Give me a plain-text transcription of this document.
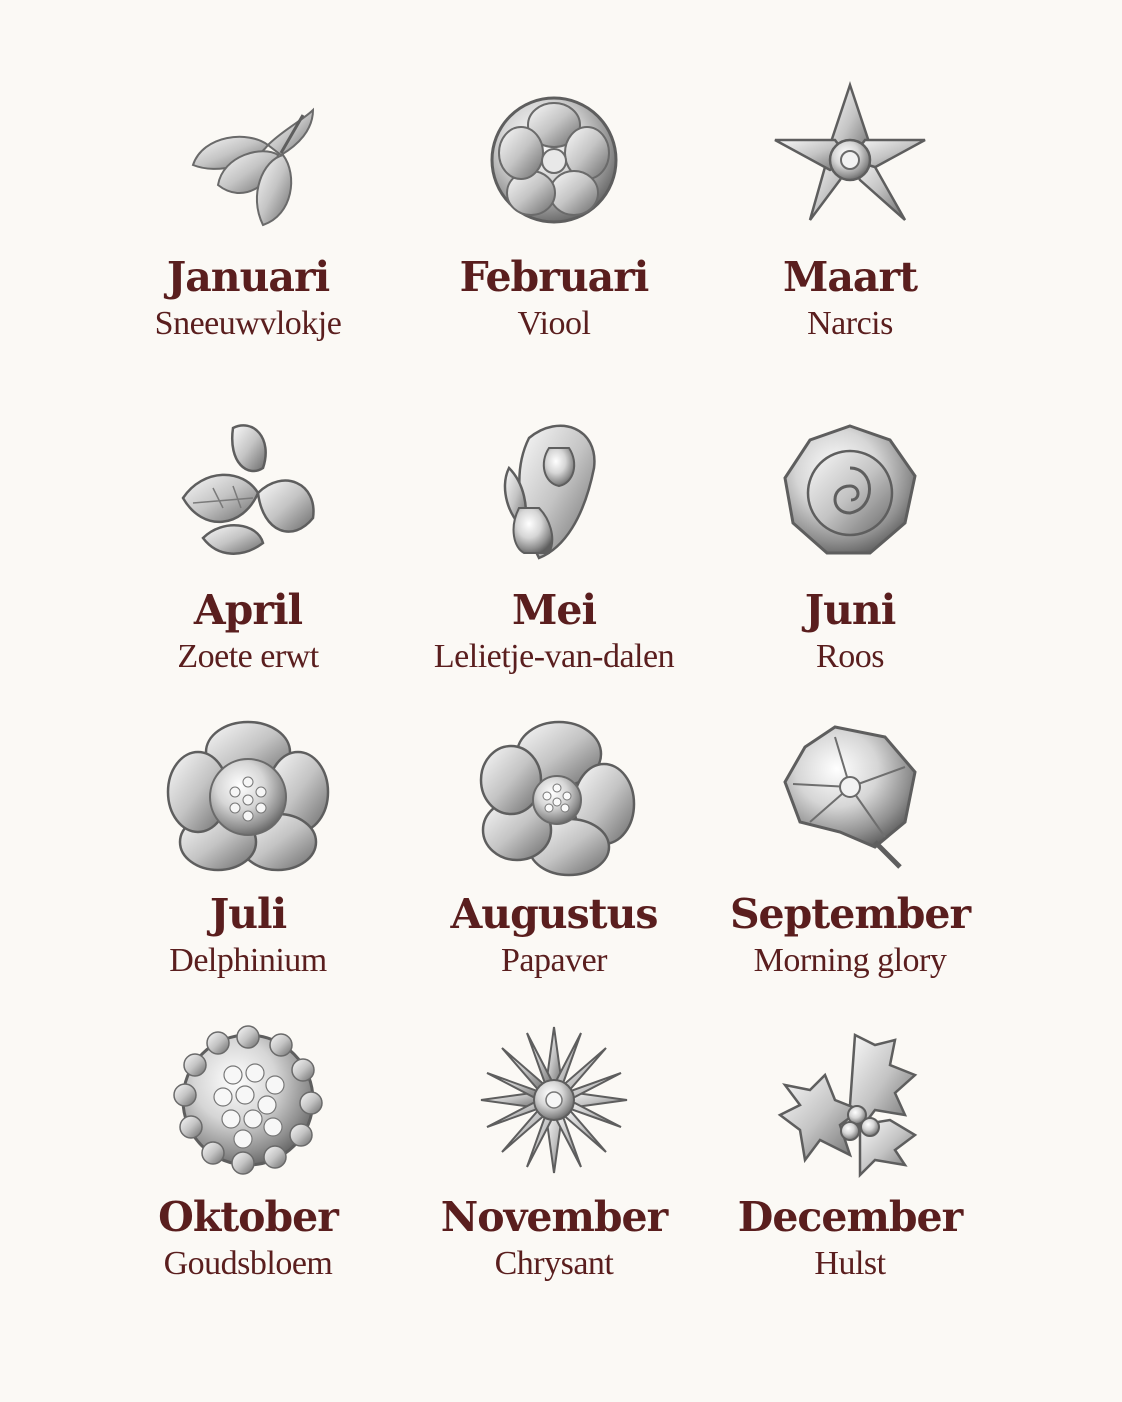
Januari
Sneeuwvlokje
Februari
Viool
Maart
Narcis
April
Zoete erwt
Mei
Lelietje-van-dalen
Juni
Roos
Juli
Delphinium
Augustus
Papaver
September
Morning glory
Oktober
Goudsbloem
November
Chrysant
December
Hulst
